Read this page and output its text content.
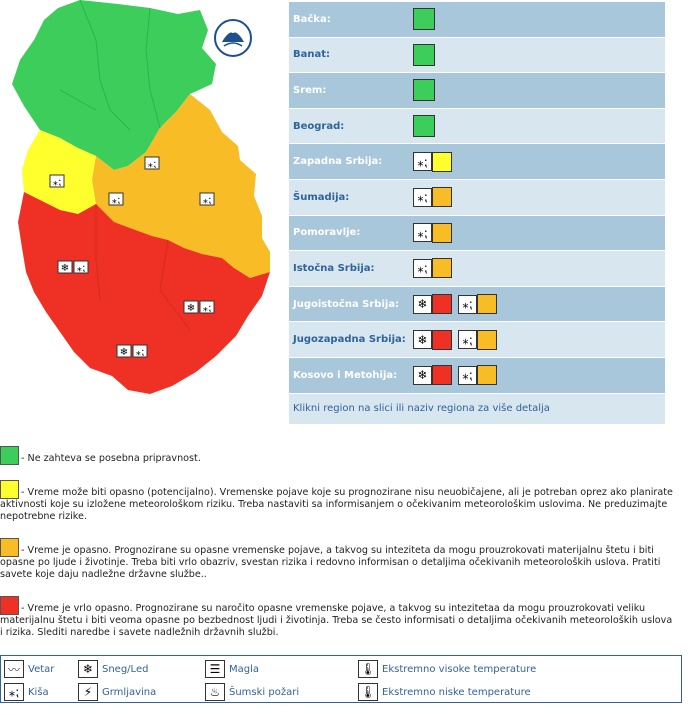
⁎⁏
⁎⁏
⁎⁏	⁎⁏
❄ ⁎⁏
❄ ⁎⁏
❄ ⁎⁏
Bačka:
Banat:
Srem:
Beograd:
Zapadna Srbija:	⁎⁏
Šumadija:	⁎⁏
Pomoravlje:	⁎⁏
Istočna Srbija:	⁎⁏
Jugoistočna Srbija:	❄	⁎⁏
Jugozapadna Srbija: ❄	⁎⁏
Kosovo i Metohija:	❄	⁎⁏
Klikni region na slici ili naziv regiona za više detalja
- Ne zahteva se posebna pripravnost.
- Vreme može biti opasno (potencijalno). Vremenske pojave koje su prognozirane nisu neuobičajene, ali je potreban oprez ako planirate aktivnosti koje su izložene meteorološkom riziku. Treba nastaviti sa informisanjem o očekivanim meteorološkim uslovima. Ne preduzimajte nepotrebne rizike.
- Vreme je opasno. Prognozirane su opasne vremenske pojave, a takvog su inteziteta da mogu prouzrokovati materijalnu štetu i biti opasne po ljude i životinje. Treba biti vrlo obazriv, svestan rizika i redovno informisan o detaljima očekivanih meteoroloških uslova. Pratiti savete koje daju nadležne državne službe..
- Vreme je vrlo opasno. Prognozirane su naročito opasne vremenske pojave, a takvog su intezitetaa da mogu prouzrokovati veliku materijalnu štetu i biti veoma opasne po bezbednost ljudi i životinja. Treba se često informisati o detaljima očekivanih meteoroloških uslova i rizika. Slediti naredbe i savete nadležnih državnih službi.
〰 Vetar
⁎⁏ Kiša
❄ Sneg/Led
⚡ Grmljavina
☰ Magla
♨ Šumski požari
🌡 Ekstremno visoke temperature
🌡 Ekstremno niske temperature
